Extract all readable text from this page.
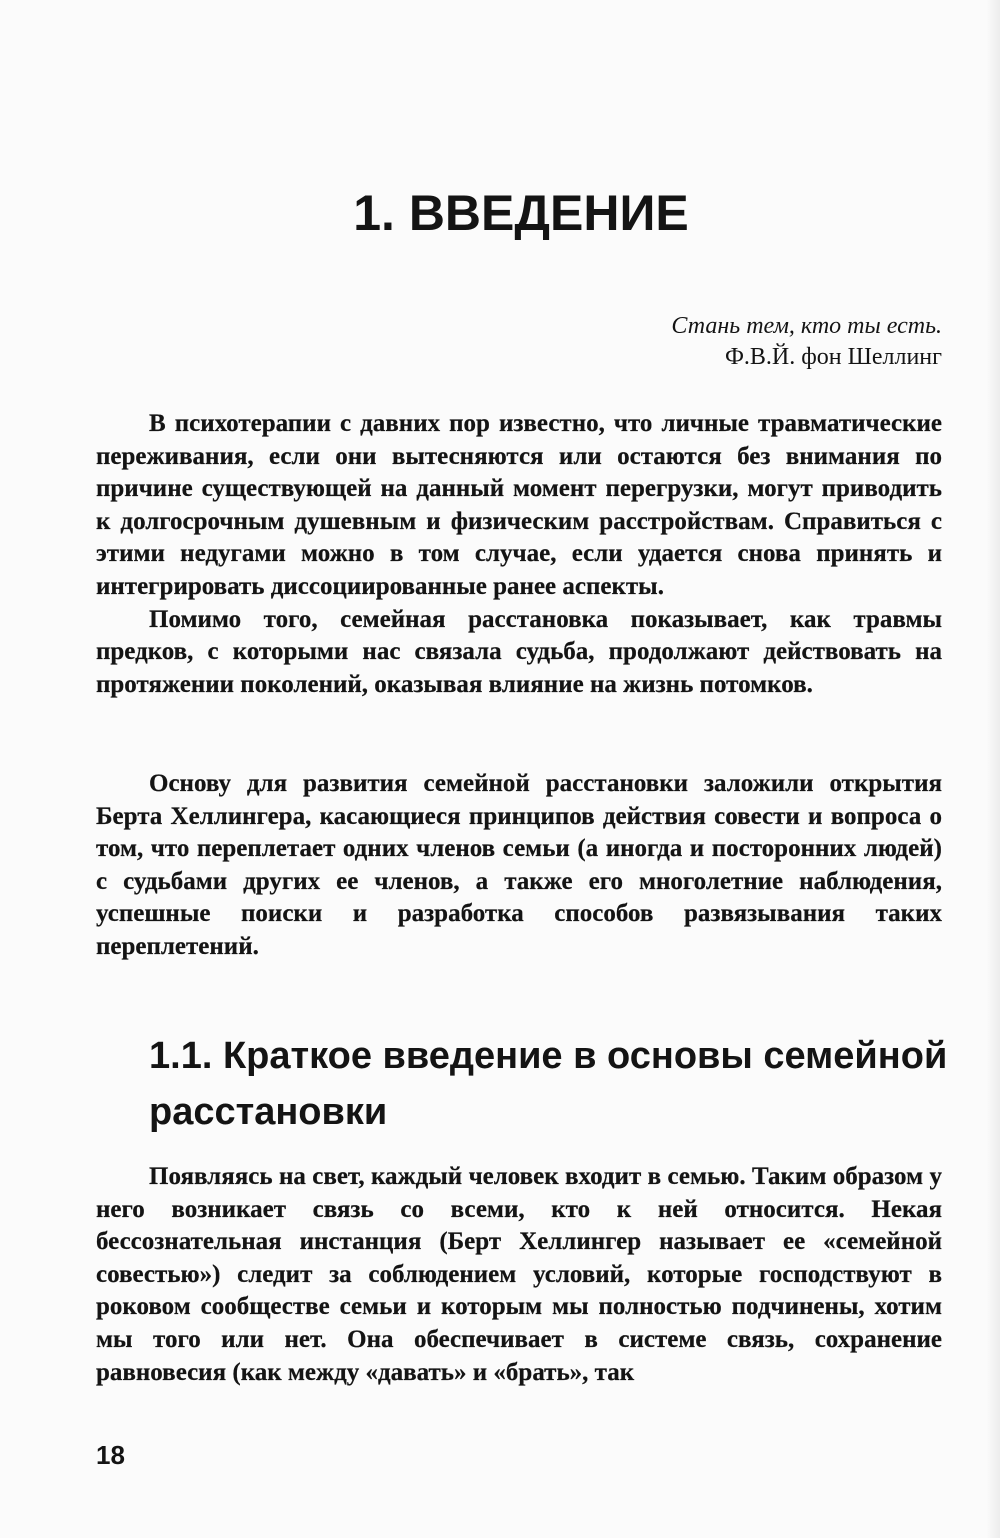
1. ВВЕДЕНИЕ
Стань тем, кто ты есть.
Ф.В.Й. фон Шеллинг

В психотерапии с давних пор известно, что личные травматические переживания, если они вытесняются или остаются без внимания по причине существующей на данный момент перегрузки, могут приводить к долгосрочным душевным и физическим расстройствам. Справиться с этими недугами можно в том случае, если удается снова принять и интегрировать диссоциированные ранее аспекты.

Помимо того, семейная расстановка показывает, как травмы предков, с которыми нас связала судьба, продолжают действовать на протяжении поколений, оказывая влияние на жизнь потомков.

Основу для развития семейной расстановки заложили открытия Берта Хеллингера, касающиеся принципов действия совести и вопроса о том, что переплетает одних членов семьи (а иногда и посторонних людей) с судьбами других ее членов, а также его многолетние наблюдения, успешные поиски и разработка способов развязывания таких переплетений.

1.1. Краткое введение в основы семейной расстановки

Появляясь на свет, каждый человек входит в семью. Таким образом у него возникает связь со всеми, кто к ней относится. Некая бессознательная инстанция (Берт Хеллингер называет ее «семейной совестью») следит за соблюдением условий, которые господствуют в роковом сообществе семьи и которым мы полностью подчинены, хотим мы того или нет. Она обеспечивает в системе связь, сохранение равновесия (как между «давать» и «брать», так

18
